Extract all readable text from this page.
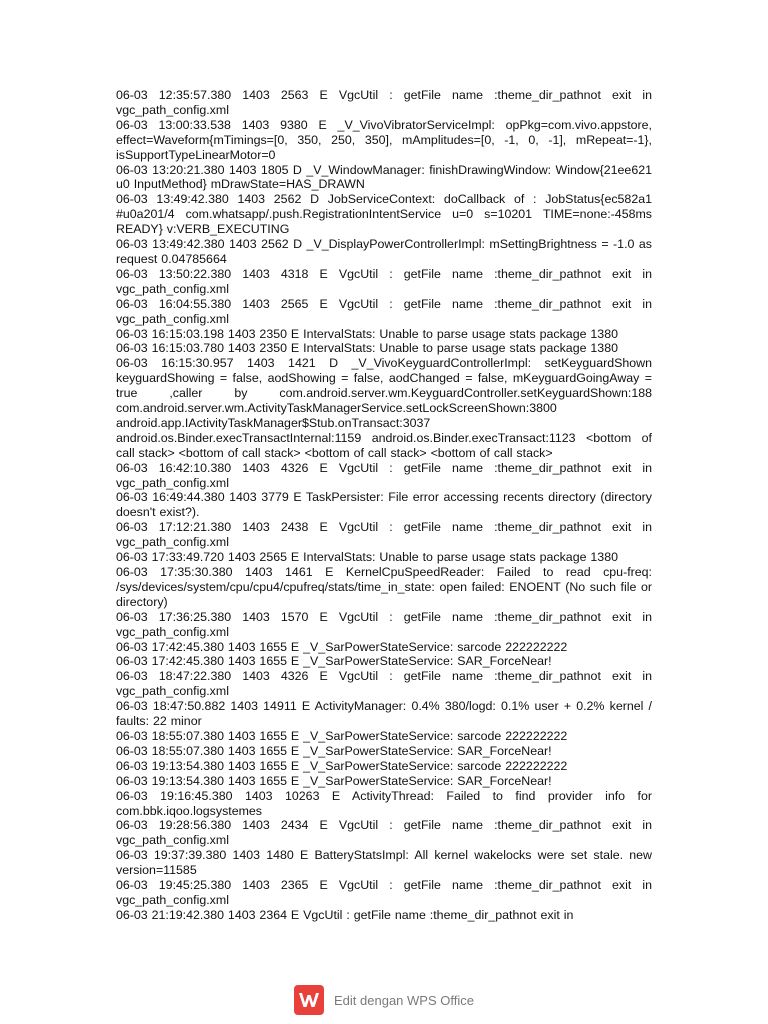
06-03 12:35:57.380 1403 2563 E VgcUtil : getFile name :theme_dir_pathnot exit in vgc_path_config.xml
06-03 13:00:33.538 1403 9380 E _V_VivoVibratorServiceImpl: opPkg=com.vivo.appstore, effect=Waveform{mTimings=[0, 350, 250, 350], mAmplitudes=[0, -1, 0, -1], mRepeat=-1}, isSupportTypeLinearMotor=0
06-03 13:20:21.380 1403 1805 D _V_WindowManager: finishDrawingWindow: Window{21ee621 u0 InputMethod} mDrawState=HAS_DRAWN
06-03 13:49:42.380 1403 2562 D JobServiceContext: doCallback of : JobStatus{ec582a1 #u0a201/4 com.whatsapp/.push.RegistrationIntentService u=0 s=10201 TIME=none:-458ms READY} v:VERB_EXECUTING
06-03 13:49:42.380 1403 2562 D _V_DisplayPowerControllerImpl: mSettingBrightness = -1.0 as request 0.04785664
06-03 13:50:22.380 1403 4318 E VgcUtil : getFile name :theme_dir_pathnot exit in vgc_path_config.xml
06-03 16:04:55.380 1403 2565 E VgcUtil : getFile name :theme_dir_pathnot exit in vgc_path_config.xml
06-03 16:15:03.198 1403 2350 E IntervalStats: Unable to parse usage stats package 1380
06-03 16:15:03.780 1403 2350 E IntervalStats: Unable to parse usage stats package 1380
06-03 16:15:30.957 1403 1421 D _V_VivoKeyguardControllerImpl: setKeyguardShown keyguardShowing = false, aodShowing = false, aodChanged = false, mKeyguardGoingAway = true ,caller by com.android.server.wm.KeyguardController.setKeyguardShown:188 com.android.server.wm.ActivityTaskManagerService.setLockScreenShown:3800 android.app.IActivityTaskManager$Stub.onTransact:3037 android.os.Binder.execTransactInternal:1159 android.os.Binder.execTransact:1123 <bottom of call stack> <bottom of call stack> <bottom of call stack> <bottom of call stack>
06-03 16:42:10.380 1403 4326 E VgcUtil : getFile name :theme_dir_pathnot exit in vgc_path_config.xml
06-03 16:49:44.380 1403 3779 E TaskPersister: File error accessing recents directory (directory doesn't exist?).
06-03 17:12:21.380 1403 2438 E VgcUtil : getFile name :theme_dir_pathnot exit in vgc_path_config.xml
06-03 17:33:49.720 1403 2565 E IntervalStats: Unable to parse usage stats package 1380
06-03 17:35:30.380 1403 1461 E KernelCpuSpeedReader: Failed to read cpu-freq: /sys/devices/system/cpu/cpu4/cpufreq/stats/time_in_state: open failed: ENOENT (No such file or directory)
06-03 17:36:25.380 1403 1570 E VgcUtil : getFile name :theme_dir_pathnot exit in vgc_path_config.xml
06-03 17:42:45.380 1403 1655 E _V_SarPowerStateService: sarcode 222222222
06-03 17:42:45.380 1403 1655 E _V_SarPowerStateService: SAR_ForceNear!
06-03 18:47:22.380 1403 4326 E VgcUtil : getFile name :theme_dir_pathnot exit in vgc_path_config.xml
06-03 18:47:50.882 1403 14911 E ActivityManager: 0.4% 380/logd: 0.1% user + 0.2% kernel / faults: 22 minor
06-03 18:55:07.380 1403 1655 E _V_SarPowerStateService: sarcode 222222222
06-03 18:55:07.380 1403 1655 E _V_SarPowerStateService: SAR_ForceNear!
06-03 19:13:54.380 1403 1655 E _V_SarPowerStateService: sarcode 222222222
06-03 19:13:54.380 1403 1655 E _V_SarPowerStateService: SAR_ForceNear!
06-03 19:16:45.380 1403 10263 E ActivityThread: Failed to find provider info for com.bbk.iqoo.logsystemes
06-03 19:28:56.380 1403 2434 E VgcUtil : getFile name :theme_dir_pathnot exit in vgc_path_config.xml
06-03 19:37:39.380 1403 1480 E BatteryStatsImpl: All kernel wakelocks were set stale. new version=11585
06-03 19:45:25.380 1403 2365 E VgcUtil : getFile name :theme_dir_pathnot exit in vgc_path_config.xml
06-03 21:19:42.380 1403 2364 E VgcUtil : getFile name :theme_dir_pathnot exit in
Edit dengan WPS Office
